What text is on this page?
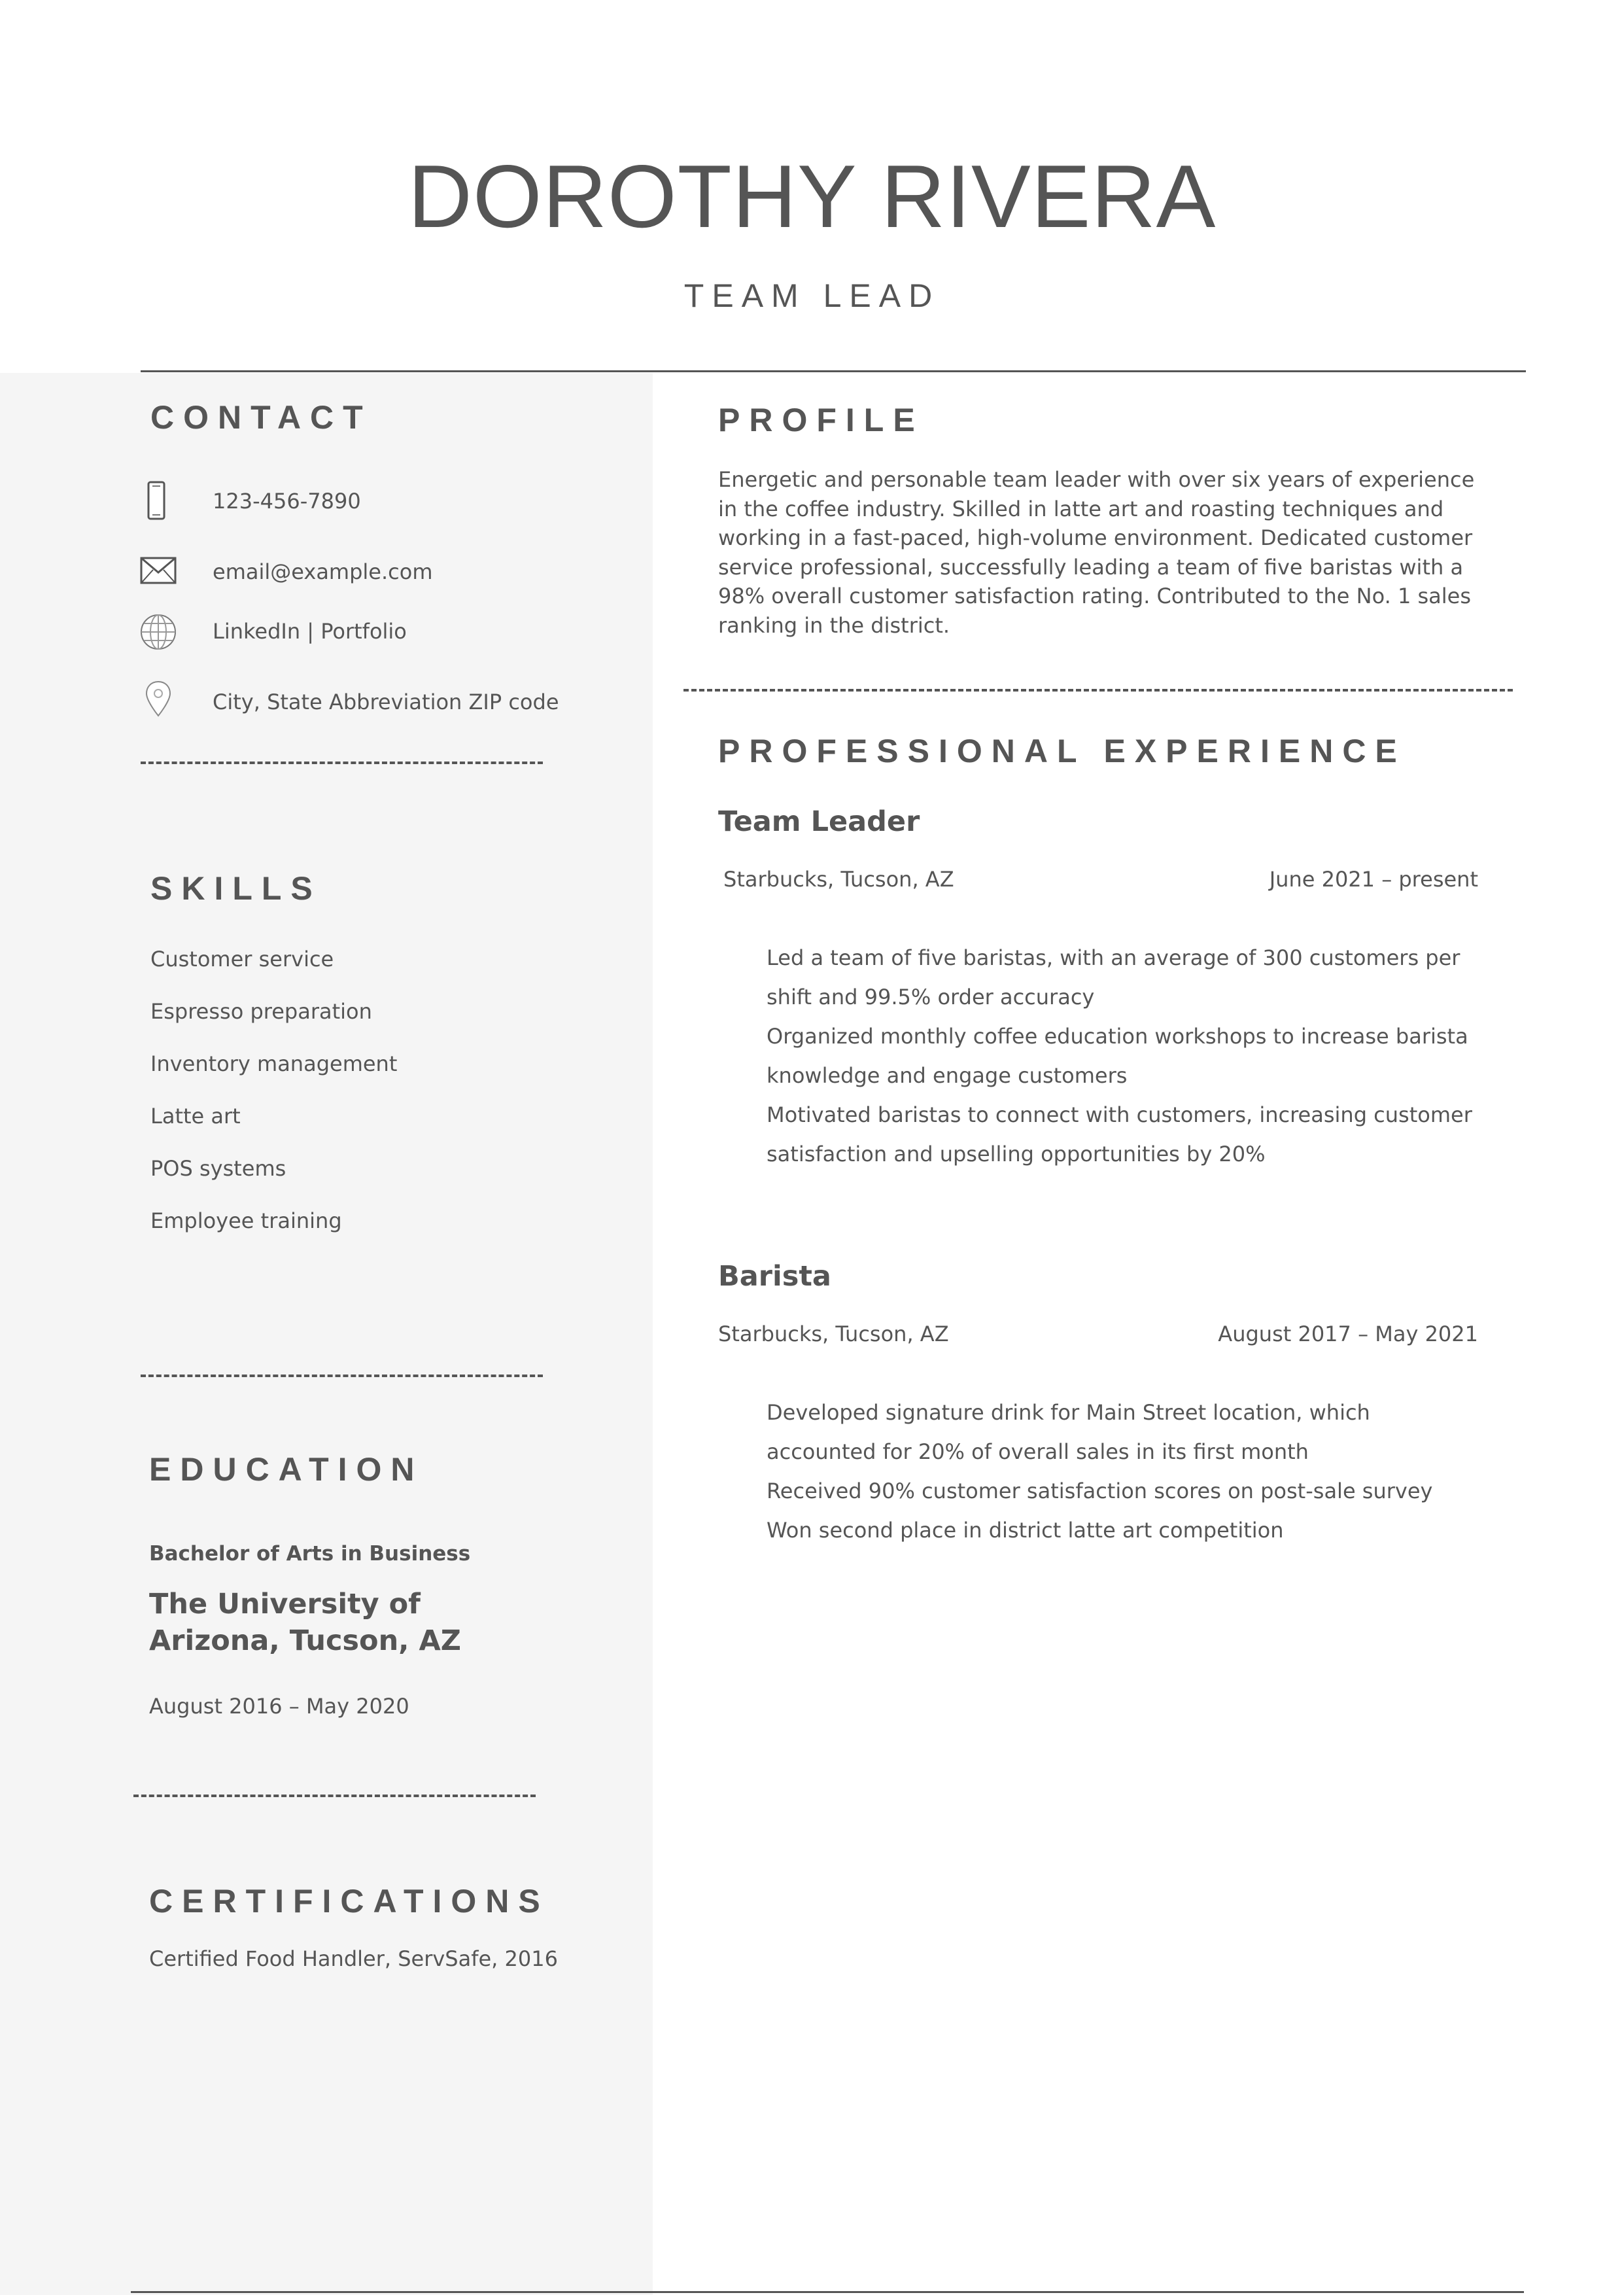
DOROTHY RIVERA
TEAM LEAD
CONTACT
123-456-7890
email@example.com
LinkedIn | Portfolio
City, State Abbreviation ZIP code
SKILLS
Customer service
Espresso preparation
Inventory management
Latte art
POS systems
Employee training
EDUCATION
Bachelor of Arts in Business
The University of Arizona, Tucson, AZ
August 2016 – May 2020
CERTIFICATIONS
Certified Food Handler, ServSafe, 2016
PROFILE
Energetic and personable team leader with over six years of experience in the coffee industry. Skilled in latte art and roasting techniques and working in a fast-paced, high-volume environment. Dedicated customer service professional, successfully leading a team of five baristas with a 98% overall customer satisfaction rating. Contributed to the No. 1 sales ranking in the district.
PROFESSIONAL EXPERIENCE
Team Leader
Starbucks, Tucson, AZ	June 2021 – present
Led a team of five baristas, with an average of 300 customers per shift and 99.5% order accuracy
Organized monthly coffee education workshops to increase barista knowledge and engage customers
Motivated baristas to connect with customers, increasing customer satisfaction and upselling opportunities by 20%
Barista
Starbucks, Tucson, AZ	August 2017 – May 2021
Developed signature drink for Main Street location, which accounted for 20% of overall sales in its first month
Received 90% customer satisfaction scores on post-sale survey
Won second place in district latte art competition
